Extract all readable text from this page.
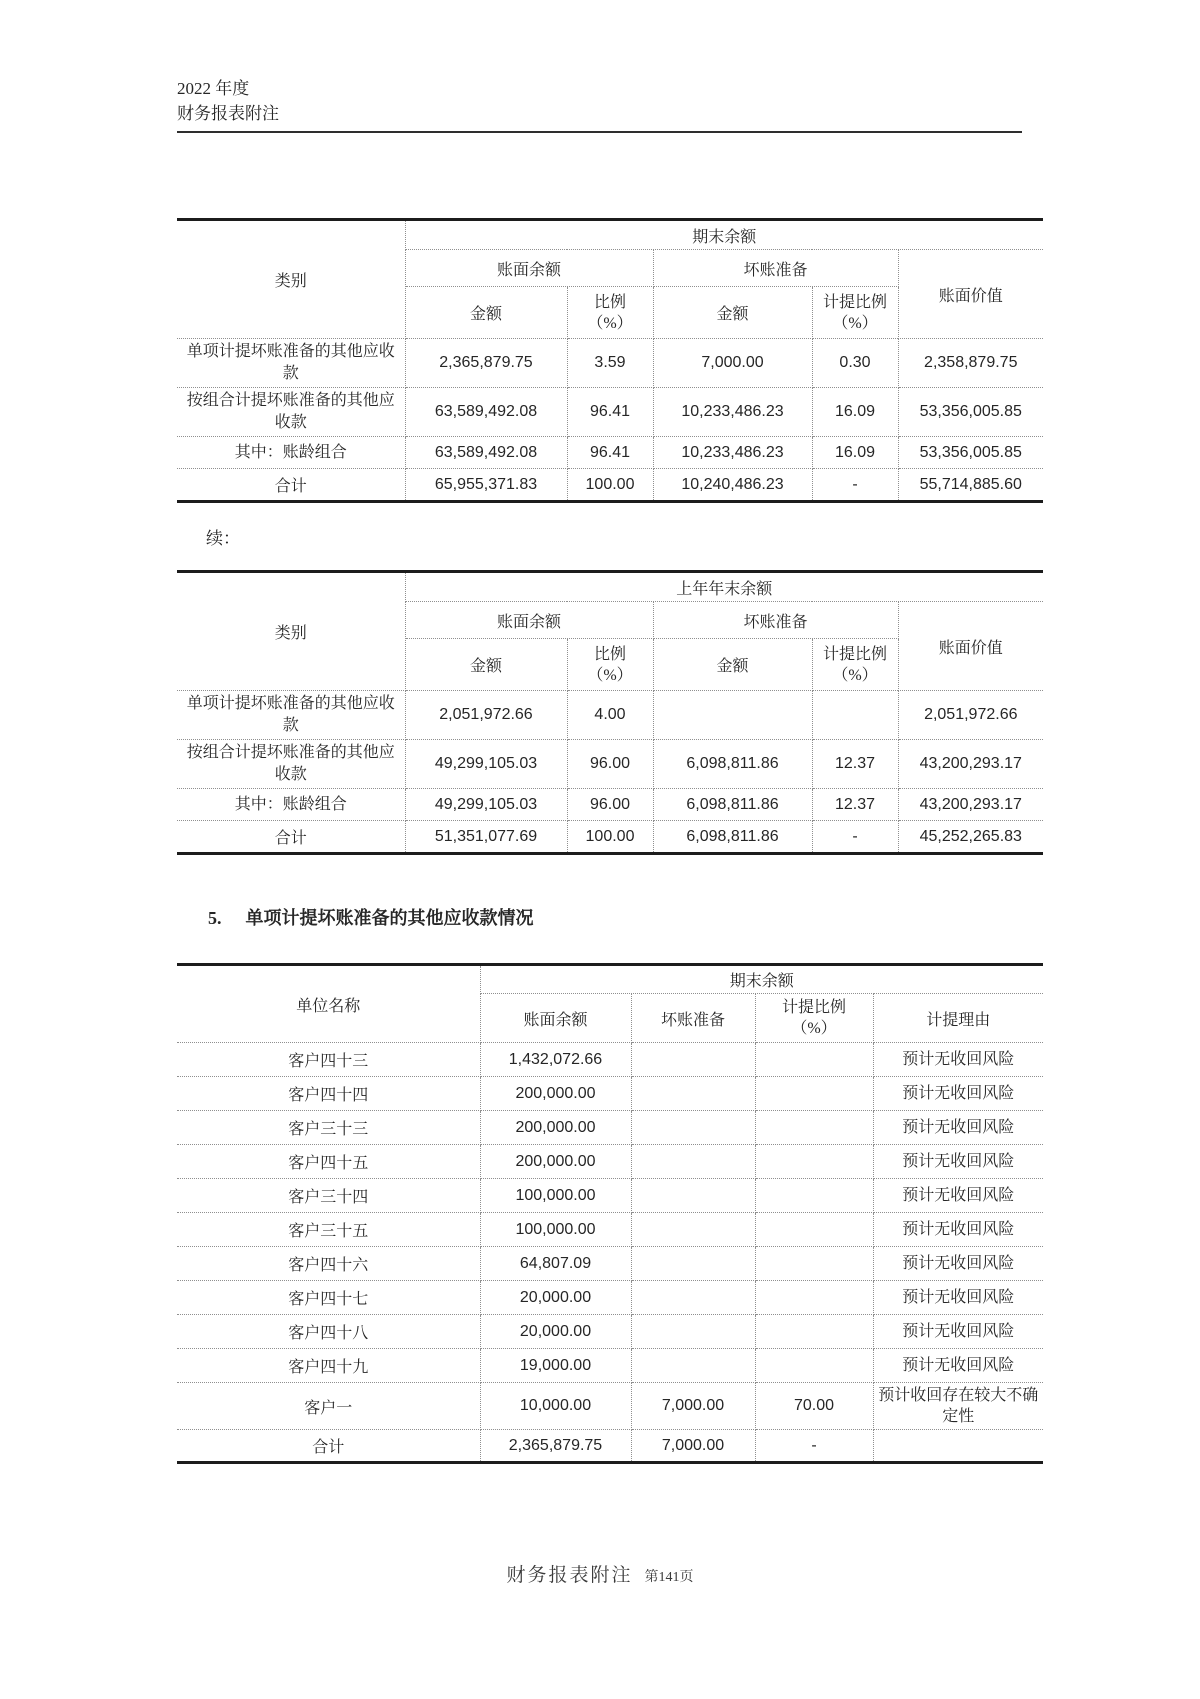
2022 年度
财务报表附注
类别	期末余额				
	账面余额		坏账准备		账面价值
	金额	比例
（%）	金额	计提比例
（%）	
单项计提坏账准备的其他应收款	2,365,879.75	3.59	7,000.00	0.30	2,358,879.75
按组合计提坏账准备的其他应收款	63,589,492.08	96.41	10,233,486.23	16.09	53,356,005.85
其中：账龄组合	63,589,492.08	96.41	10,233,486.23	16.09	53,356,005.85
合计	65,955,371.83	100.00	10,240,486.23	-	55,714,885.60
续：
类别	上年年末余额				
	账面余额		坏账准备		账面价值
	金额	比例
（%）	金额	计提比例
（%）	
单项计提坏账准备的其他应收款	2,051,972.66	4.00			2,051,972.66
按组合计提坏账准备的其他应收款	49,299,105.03	96.00	6,098,811.86	12.37	43,200,293.17
其中：账龄组合	49,299,105.03	96.00	6,098,811.86	12.37	43,200,293.17
合计	51,351,077.69	100.00	6,098,811.86	-	45,252,265.83
5. 单项计提坏账准备的其他应收款情况
单位名称	期末余额			
	账面余额	坏账准备	计提比例
（%）	计提理由
客户四十三	1,432,072.66			预计无收回风险
客户四十四	200,000.00			预计无收回风险
客户三十三	200,000.00			预计无收回风险
客户四十五	200,000.00			预计无收回风险
客户三十四	100,000.00			预计无收回风险
客户三十五	100,000.00			预计无收回风险
客户四十六	64,807.09			预计无收回风险
客户四十七	20,000.00			预计无收回风险
客户四十八	20,000.00			预计无收回风险
客户四十九	19,000.00			预计无收回风险
客户一	10,000.00	7,000.00	70.00	预计收回存在较大不确定性
合计	2,365,879.75	7,000.00	-	
财务报表附注 第141页
